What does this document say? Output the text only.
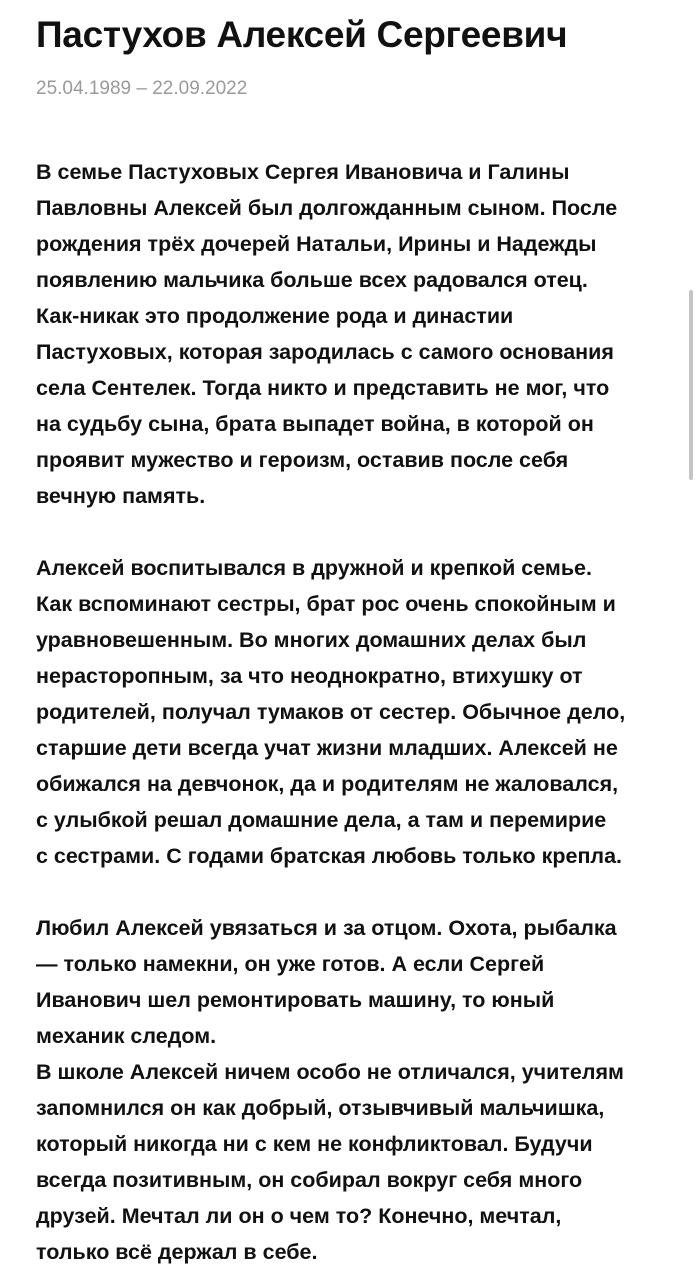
Пастухов Алексей Сергеевич
25.04.1989 – 22.09.2022

В семье Пастуховых Сергея Ивановича и Галины
Павловны Алексей был долгожданным сыном. После
рождения трёх дочерей Натальи, Ирины и Надежды
появлению мальчика больше всех радовался отец.
Как-никак это продолжение рода и династии
Пастуховых, которая зародилась с самого основания
села Сентелек. Тогда никто и представить не мог, что
на судьбу сына, брата выпадет война, в которой он
проявит мужество и героизм, оставив после себя
вечную память.

Алексей воспитывался в дружной и крепкой семье.
Как вспоминают сестры, брат рос очень спокойным и
уравновешенным. Во многих домашних делах был
нерасторопным, за что неоднократно, втихушку от
родителей, получал тумаков от сестер. Обычное дело,
старшие дети всегда учат жизни младших. Алексей не
обижался на девчонок, да и родителям не жаловался,
с улыбкой решал домашние дела, а там и перемирие
с сестрами. С годами братская любовь только крепла.

Любил Алексей увязаться и за отцом. Охота, рыбалка
— только намекни, он уже готов. А если Сергей
Иванович шел ремонтировать машину, то юный
механик следом.

В школе Алексей ничем особо не отличался, учителям
запомнился он как добрый, отзывчивый мальчишка,
который никогда ни с кем не конфликтовал. Будучи
всегда позитивным, он собирал вокруг себя много
друзей. Мечтал ли он о чем то? Конечно, мечтал,
только всё держал в себе.
